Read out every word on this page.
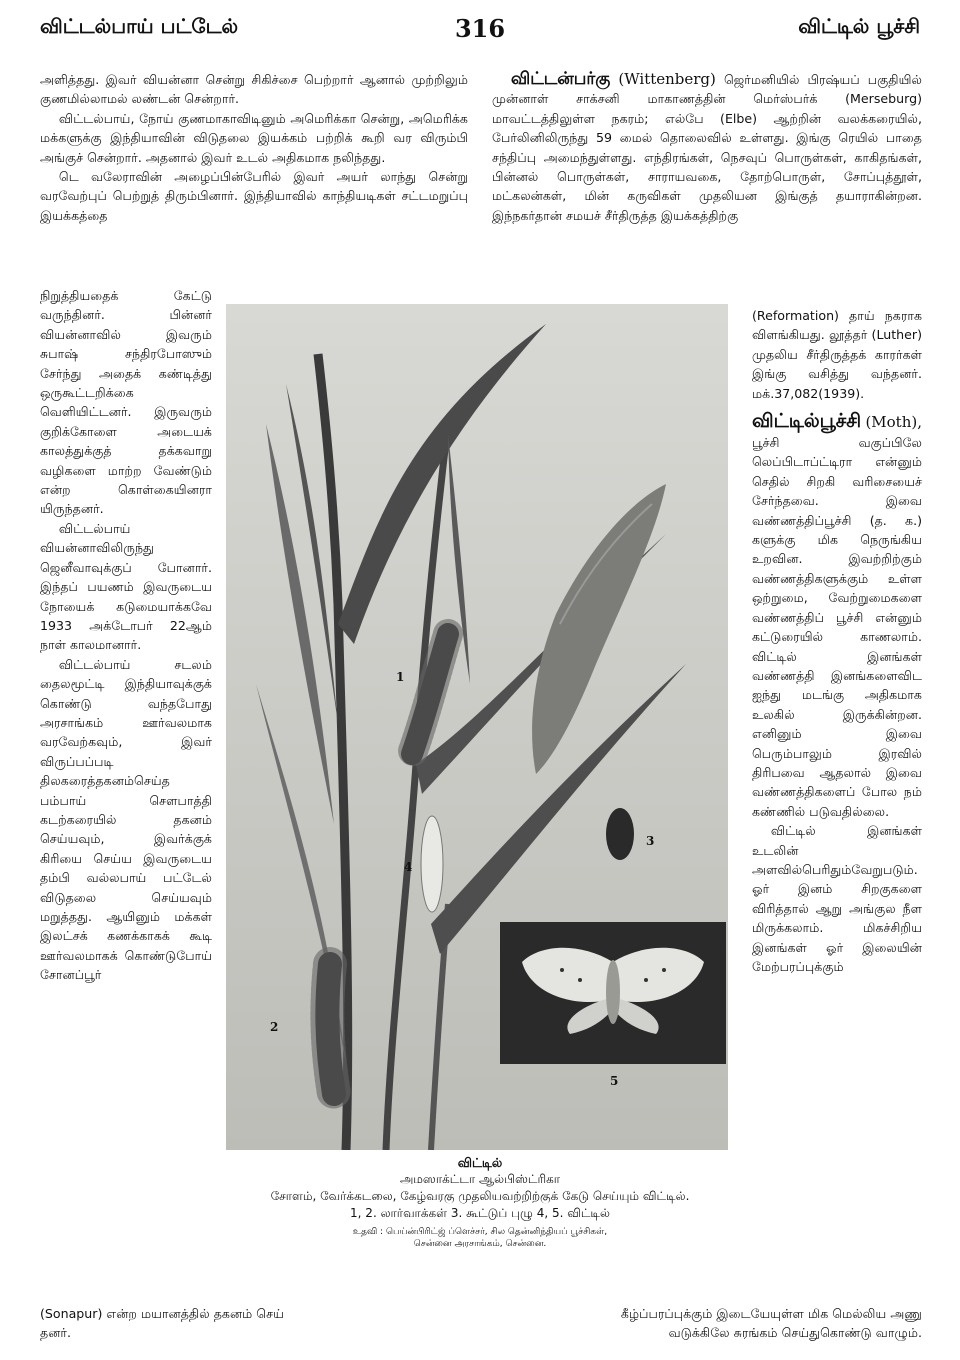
விட்டல்பாய் பட்டேல்	316	விட்டில் பூச்சி

அளித்தது. இவர் வியன்னா சென்று சிகிச்சை பெற்றார் ஆனால் முற்றிலும் குணமில்லாமல் லண்டன் சென்றார்.

விட்டல்பாய், நோய் குணமாகாவிடினும் அமெரிக்கா சென்று, அமெரிக்க மக்களுக்கு இந்தியாவின் விடுதலை இயக்கம் பற்றிக் கூறி வர விரும்பி அங்குச் சென்றார். அதனால் இவர் உடல் அதிகமாக நலிந்தது.

டெ வலேராவின் அழைப்பின்பேரில் இவர் அயர் லாந்து சென்று வரவேற்புப் பெற்றுத் திரும்பினார். இந்தியாவில் காந்தியடிகள் சட்டமறுப்பு இயக்கத்தை

விட்டன்பர்கு (Wittenberg) ஜெர்மனியில் பிரஷ்யப் பகுதியில் முன்னாள் சாக்சனி மாகாணத்தின் மெர்ஸ்பர்க் (Merseburg) மாவட்டத்திலுள்ள நகரம்; எல்பே (Elbe) ஆற்றின் வலக்கரையில், பேர்லினிலிருந்து 59 மைல் தொலைவில் உள்ளது. இங்கு ரெயில் பாதை சந்திப்பு அமைந்துள்ளது. எந்திரங்கள், நெசவுப் பொருள்கள், காகிதங்கள், பின்னல் பொருள்கள், சாராயவகை, தோற்பொருள், சோப்புத்தூள், மட்கலன்கள், மின் கருவிகள் முதலியன இங்குத் தயாராகின்றன. இந்நகர்தான் சமயச் சீர்திருத்த இயக்கத்திற்கு

நிறுத்தியதைக் கேட்டு வருந்தினர். பின்னர் வியன்னாவில் இவரும் சுபாஷ் சந்திரபோஸும் சேர்ந்து அதைக் கண்டித்து ஒருகூட்டறிக்கை வெளியிட்டனர். இருவரும் குறிக்கோளை அடையக் காலத்துக்குத் தக்கவாறு வழிகளை மாற்ற வேண்டும் என்ற கொள்கையினரா யிருந்தனர்.

விட்டல்பாய் வியன்னாவிலிருந்து ஜெனீவாவுக்குப் போனார். இந்தப் பயணம் இவருடைய நோயைக் கடுமையாக்கவே 1933 அக்டோபர் 22ஆம் நாள் காலமானார்.

விட்டல்பாய் சடலம் தைலமூட்டி இந்தியாவுக்குக் கொண்டு வந்தபோது அரசாங்கம் ஊர்வலமாக வரவேற்கவும், இவர் விருப்பப்படி திலகரைத்தகனம்செய்த பம்பாய் சௌபாத்தி கடற்கரையில் தகனம் செய்யவும், இவர்க்குக் கிரியை செய்ய இவருடைய தம்பி வல்லபாய் பட்டேல் விடுதலை செய்யவும் மறுத்தது. ஆயினும் மக்கள் இலட்சக் கணக்காகக் கூடி ஊர்வலமாகக் கொண்டுபோய் சோனப்பூர்

(Reformation) தாய் நகராக விளங்கியது. லூத்தர் (Luther) முதலிய சீர்திருத்தக் காரர்கள் இங்கு வசித்து வந்தனர். மக்.37,082(1939).

விட்டில்பூச்சி (Moth), பூச்சி வகுப்பிலே லெப்பிடாப்ட்டிரா என்னும் செதில் சிறகி வரிசையைச் சேர்ந்தவை. இவை வண்ணத்திப்பூச்சி (த. க.) களுக்கு மிக நெருங்கிய உறவின. இவற்றிற்கும் வண்ணத்திகளுக்கும் உள்ள ஒற்றுமை, வேற்றுமைகளை வண்ணத்திப் பூச்சி என்னும் கட்டுரையில் காணலாம். விட்டில் இனங்கள் வண்ணத்தி இனங்களைவிட ஐந்து மடங்கு அதிகமாக உலகில் இருக்கின்றன. எனினும் இவை பெரும்பாலும் இரவில் திரிபவை ஆதலால் இவை வண்ணத்திகளைப் போல நம் கண்ணில் படுவதில்லை.

விட்டில் இனங்கள் உடலின் அளவில்பெரிதும்வேறுபடும். ஓர் இனம் சிறகுகளை விரித்தால் ஆறு அங்குல நீள மிருக்கலாம். மிகச்சிறிய இனங்கள் ஓர் இலையின் மேற்பரப்புக்கும்

1
2
3
4
5
விட்டில்
அமஸாக்ட்டா ஆல்பிஸ்ட்ரிகா
சோளம், வேர்க்கடலை, கேழ்வரகு முதலியவற்றிற்குக் கேடு செய்யும் விட்டில்.
1, 2. லார்வாக்கள் 3. கூட்டுப் புழு 4, 5. விட்டில்
உதவி : பெய்ன்பிரிட்ஜ் ப்ளெச்சர், சில தென்னிந்தியப் பூச்சிகள்,
சென்னை அரசாங்கம், சென்னை.
(Sonapur) என்ற மயானத்தில் தகனம் செய்	கீழ்ப்பரப்புக்கும் இடையேயுள்ள மிக மெல்லிய அணு
தனர்.	வடுக்கிலே சுரங்கம் செய்துகொண்டு வாழும்.
